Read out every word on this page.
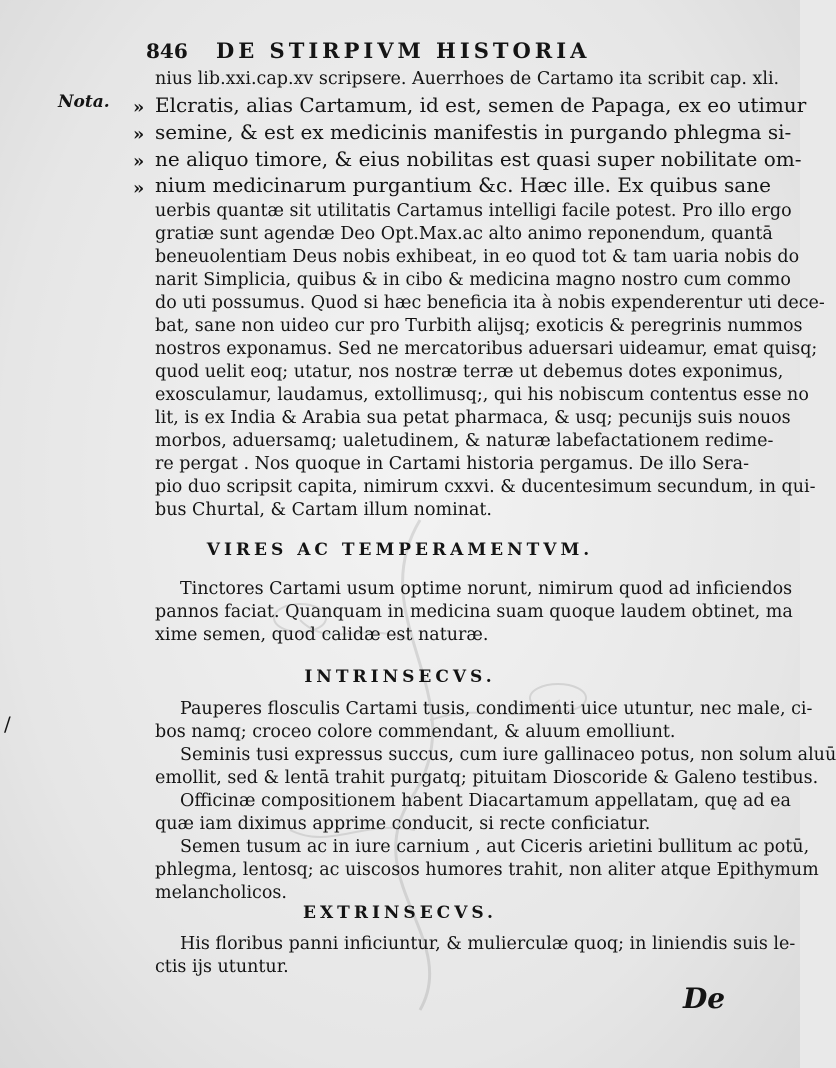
846	DE STIRPIVM HISTORIA
Nota. »
»
»
»
nius lib.xxi.cap.xv scripsere. Auerrhoes de Cartamo ita scribit cap. xli.
Elcratis, alias Cartamum, id est, semen de Papaga, ex eo utimur
semine, & est ex medicinis manifestis in purgando phlegma si-
ne aliquo timore, & eius nobilitas est quasi super nobilitate om-
nium medicinarum purgantium &c. Hæc ille. Ex quibus sane
uerbis quantæ sit utilitatis Cartamus intelligi facile potest. Pro illo ergo
gratiæ sunt agendæ Deo Opt.Max.ac alto animo reponendum, quantā
beneuolentiam Deus nobis exhibeat, in eo quod tot & tam uaria nobis do
narit Simplicia, quibus & in cibo & medicina magno nostro cum commo
do uti possumus. Quod si hæc beneficia ita à nobis expenderentur uti dece-
bat, sane non uideo cur pro Turbith alijsq; exoticis & peregrinis nummos
nostros exponamus. Sed ne mercatoribus aduersari uideamur, emat quisq;
quod uelit eoq; utatur, nos nostræ terræ ut debemus dotes exponimus,
exosculamur, laudamus, extollimusq;, qui his nobiscum contentus esse no
lit, is ex India & Arabia sua petat pharmaca, & usq; pecunijs suis nouos
morbos, aduersamq; ualetudinem, & naturæ labefactationem redime-
re pergat . Nos quoque in Cartami historia pergamus. De illo Sera-
pio duo scripsit capita, nimirum cxxvi. & ducentesimum secundum, in qui-
bus Churtal, & Cartam illum nominat.
VIRES AC TEMPERAMENTVM.
Tinctores Cartami usum optime norunt, nimirum quod ad inficiendos
pannos faciat. Quanquam in medicina suam quoque laudem obtinet, ma
xime semen, quod calidæ est naturæ.
INTRINSECVS.
Pauperes flosculis Cartami tusis, condimenti uice utuntur, nec male, ci-
bos namq; croceo colore commendant, & aluum emolliunt.
Seminis tusi expressus succus, cum iure gallinaceo potus, non solum aluū
emollit, sed & lentā trahit purgatq; pituitam Dioscoride & Galeno testibus.
Officinæ compositionem habent Diacartamum appellatam, quę ad ea
quæ iam diximus apprime conducit, si recte conficiatur.
Semen tusum ac in iure carnium , aut Ciceris arietini bullitum ac potū,
phlegma, lentosq; ac uiscosos humores trahit, non aliter atque Epithymum
melancholicos.
EXTRINSECVS.
His floribus panni inficiuntur, & mulierculæ quoq; in liniendis suis le-
ctis ijs utuntur.
De
/
